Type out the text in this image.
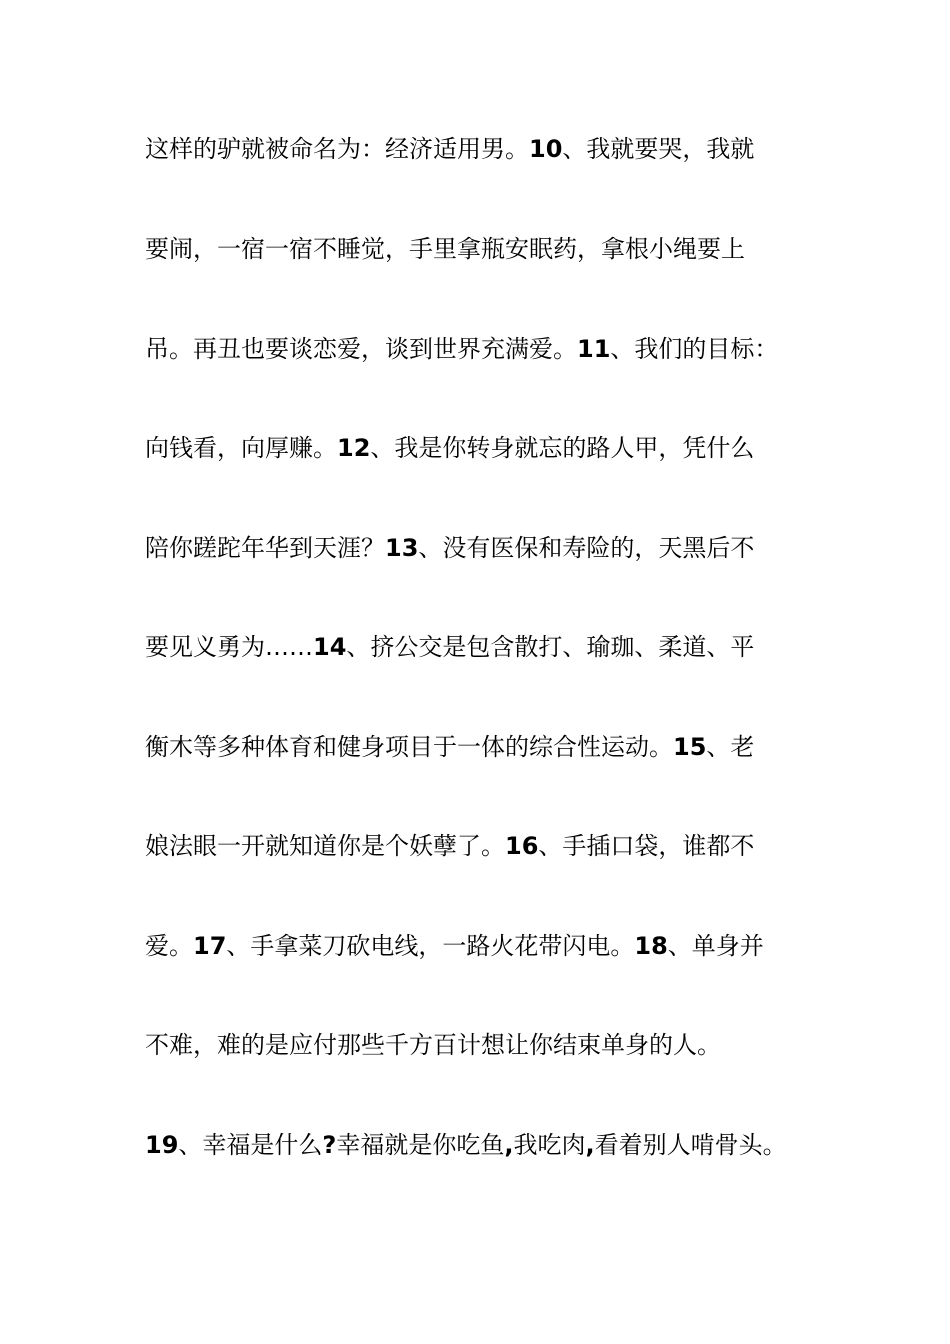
这样的驴就被命名为：经济适用男。10、我就要哭，我就
要闹，一宿一宿不睡觉，手里拿瓶安眠药，拿根小绳要上
吊。再丑也要谈恋爱，谈到世界充满爱。11、我们的目标：
向钱看，向厚赚。12、我是你转身就忘的路人甲，凭什么
陪你蹉跎年华到天涯？13、没有医保和寿险的，天黑后不
要见义勇为……14、挤公交是包含散打、瑜珈、柔道、平
衡木等多种体育和健身项目于一体的综合性运动。15、老
娘法眼一开就知道你是个妖孽了。16、手插口袋，谁都不
爱。17、手拿菜刀砍电线，一路火花带闪电。18、单身并
不难，难的是应付那些千方百计想让你结束单身的人。
19、幸福是什么?幸福就是你吃鱼,我吃肉,看着别人啃骨头。
